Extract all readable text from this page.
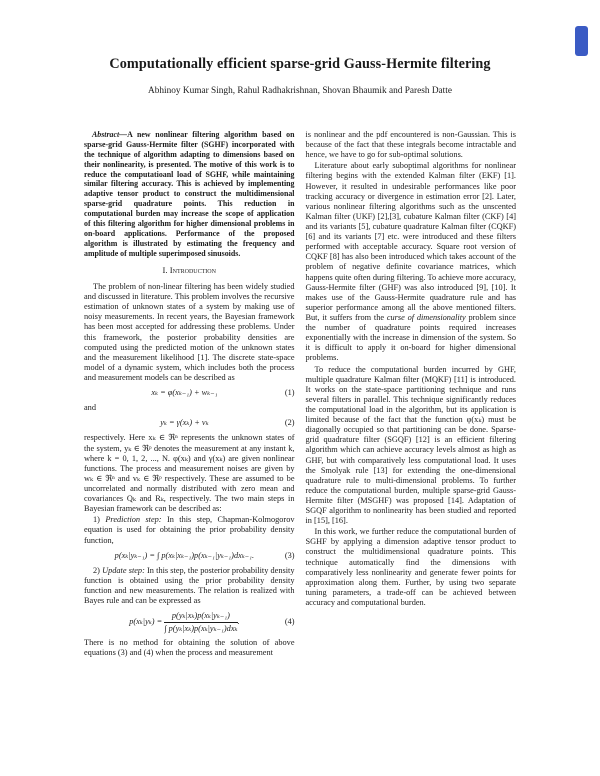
Computationally efficient sparse-grid Gauss-Hermite filtering
Abhinoy Kumar Singh, Rahul Radhakrishnan, Shovan Bhaumik and Paresh Datte

Abstract—A new nonlinear filtering algorithm based on sparse-grid Gauss-Hermite filter (SGHF) incorporated with the technique of algorithm adapting to dimensions based on their nonlinearity, is presented. The motive of this work is to reduce the computatioanl load of SGHF, while maintaining similar filtering accuracy. This is achieved by implementing adaptive tensor product to construct the multidimensional sparse-grid quadrature points. This reduction in computational burden may increase the scope of application of this filtering algorithm for higher dimensional problems in on-board applications. Performance of the proposed algorithm is illustrated by estimating the frequency and amplitude of multiple superimposed sinusoids.

I. Introduction

The problem of non-linear filtering has been widely studied and discussed in literature. This problem involves the recursive estimation of unknown states of a system by making use of noisy measurements. In recent years, the Bayesian framework has been most accepted for addressing these problems. Under this framework, the posterior probability densities are computed using the predicted motion of the unknown states and the measurement likelihood [1]. The discrete state-space model of a dynamic system, which includes both the process and measurement models can be described as

xₖ = φ(xₖ₋₁) + wₖ₋₁	(1)

and

yₖ = γ(xₖ) + vₖ	(2)

respectively. Here xₖ ∈ ℜⁿ represents the unknown states of the system, yₖ ∈ ℜᵖ denotes the measurement at any instant k, where k = 0, 1, 2, ..., N. φ(xₖ) and γ(xₖ) are given nonlinear functions. The process and measurement noises are given by wₖ ∈ ℜⁿ and vₖ ∈ ℜᵖ respectively. These are assumed to be uncorrelated and normally distributed with zero mean and covariances Qₖ and Rₖ, respectively. The two main steps in Bayesian framework can be described as:

1) Prediction step: In this step, Chapman-Kolmogorov equation is used for obtaining the prior probability density function,

p(xₖ|yₖ₋₁) = ∫ p(xₖ|xₖ₋₁)p(xₖ₋₁|yₖ₋₁)dxₖ₋₁.	(3)

2) Update step: In this step, the posterior probability density function is obtained using the prior probability density function and new measurements. The relation is realized with Bayes rule and can be expressed as

$p(x_k|y_k) = \frac{\text{p(yₖ|xₖ)p(xₖ|yₖ₋₁)}}{\text{∫ p(yₖ|xₖ)p(xₖ|yₖ₋₁)dxₖ}}$ .	(4)

There is no method for obtaining the solution of above equations (3) and (4) when the process and measurement

is nonlinear and the pdf encountered is non-Gaussian. This is because of the fact that these integrals become intractable and hence, we have to go for sub-optimal solutions.

Literature about early suboptimal algorithms for nonlinear filtering begins with the extended Kalman filter (EKF) [1]. However, it resulted in undesirable performances like poor tracking accuracy or divergence in estimation error [2]. Later, various nonlinear filtering algorithms such as the unscented Kalman filter (UKF) [2],[3], cubature Kalman filter (CKF) [4] and its variants [5], cubature quadrature Kalman filter (CQKF) [6] and its variants [7] etc. were introduced and these filters performed with acceptable accuracy. Square root version of CQKF [8] has also been introduced which takes account of the problem of negative definite covariance matrices, which happens quite often during filtering. To achieve more accuracy, Gauss-Hermite filter (GHF) was also introduced [9], [10]. It makes use of the Gauss-Hermite quadrature rule and has superior performance among all the above mentioned filters. But, it suffers from the curse of dimensionality problem since the number of quadrature points required increases exponentially with the increase in dimension of the system. So it is difficult to apply it on-board for higher dimensional problems.

To reduce the computational burden incurred by GHF, multiple quadrature Kalman filter (MQKF) [11] is introduced. It works on the state-space partitioning technique and runs several filters in parallel. This technique significantly reduces the computational load in the algorithm, but its application is limited because of the fact that the function φ(xₖ) must be diagonally occupied so that partitioning can be done. Sparse-grid quadrature filter (SGQF) [12] is an efficient filtering algorithm which can achieve accuracy levels almost as high as GHF, but with comparatively less computational load. It uses the Smolyak rule [13] for extending the one-dimensional quadrature rule to multi-dimensional problems. To further reduce the computational burden, multiple sparse-grid Gauss-Hermite filter (MSGHF) was proposed [14]. Adaptation of SGQF algorithm to nonlinearity has been studied and reported in [15], [16].

In this work, we further reduce the computational burden of SGHF by applying a dimension adaptive tensor product to construct the multidimensional quadrature points. This technique automatically find the dimensions with comparatively less nonlinearity and generate fewer points for approximation along them. Further, by using two separate tuning parameters, a trade-off can be achieved between accuracy and computational burden.
